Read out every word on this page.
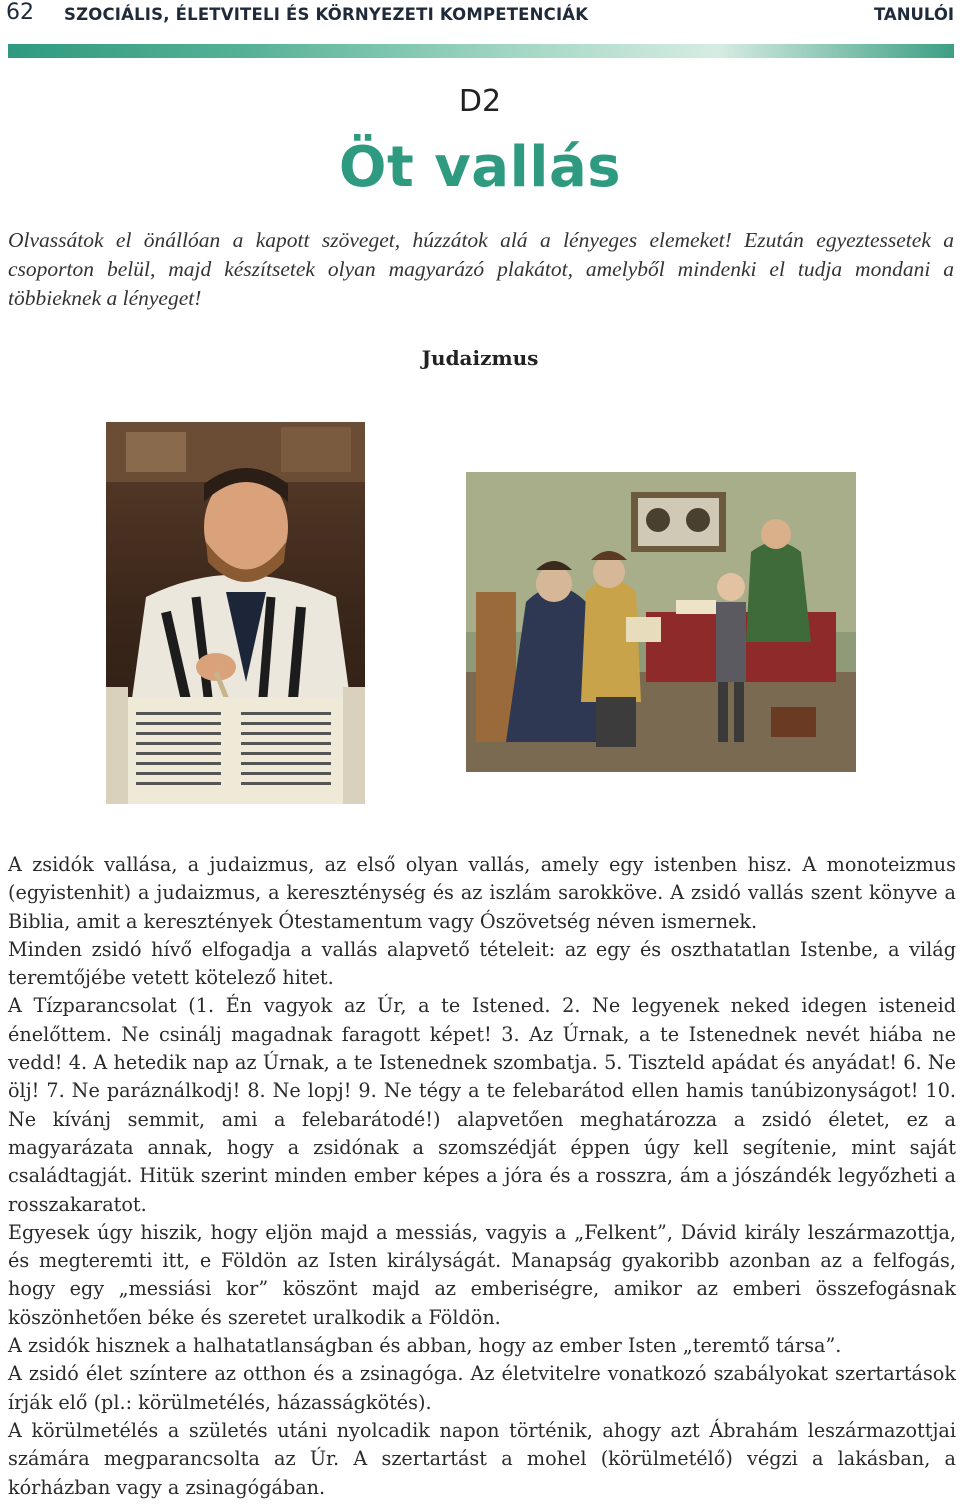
62 SZOCIÁLIS, ÉLETVITELI ÉS KÖRNYEZETI KOMPETENCIÁK	TANULÓI
D2
Öt vallás
Olvassátok el önállóan a kapott szöveget, húzzátok alá a lényeges elemeket! Ezután egyeztessetek a csoporton belül, majd készítsetek olyan magyarázó plakátot, amelyből mindenki el tudja mondani a többieknek a lényeget!
Judaizmus

A zsidók vallása, a judaizmus, az első olyan vallás, amely egy istenben hisz. A monoteizmus (egyistenhit) a judaizmus, a kereszténység és az iszlám sarokköve. A zsidó vallás szent könyve a Biblia, amit a keresztények Ótestamentum vagy Ószövetség néven ismernek.

Minden zsidó hívő elfogadja a vallás alapvető tételeit: az egy és oszthatatlan Istenbe, a világ teremtőjébe vetett kötelező hitet.

A Tízparancsolat (1. Én vagyok az Úr, a te Istened. 2. Ne legyenek neked idegen isteneid énelőttem. Ne csinálj magadnak faragott képet! 3. Az Úrnak, a te Istenednek nevét hiába ne vedd! 4. A hetedik nap az Úrnak, a te Istenednek szombatja. 5. Tiszteld apádat és anyádat! 6. Ne ölj! 7. Ne paráználkodj! 8. Ne lopj! 9. Ne tégy a te felebarátod ellen hamis tanúbizonyságot! 10. Ne kívánj semmit, ami a felebarátodé!) alapvetően meghatározza a zsidó életet, ez a magyarázata annak, hogy a zsidónak a szomszédját éppen úgy kell segítenie, mint saját családtagját. Hitük szerint minden ember képes a jóra és a rosszra, ám a jószándék legyőzheti a rosszakaratot.

Egyesek úgy hiszik, hogy eljön majd a messiás, vagyis a „Felkent”, Dávid király leszármazottja, és megteremti itt, e Földön az Isten királyságát. Manapság gyakoribb azonban az a felfogás, hogy egy „messiási kor” köszönt majd az emberiségre, amikor az emberi összefogásnak köszönhetően béke és szeretet uralkodik a Földön.

A zsidók hisznek a halhatatlanságban és abban, hogy az ember Isten „teremtő társa”.

A zsidó élet színtere az otthon és a zsinagóga. Az életvitelre vonatkozó szabályokat szertartások írják elő (pl.: körülmetélés, házasságkötés).

A körülmetélés a születés utáni nyolcadik napon történik, ahogy azt Ábrahám leszármazottjai számára megparancsolta az Úr. A szertartást a mohel (körülmetélő) végzi a lakásban, a kórházban vagy a zsinagógában.
